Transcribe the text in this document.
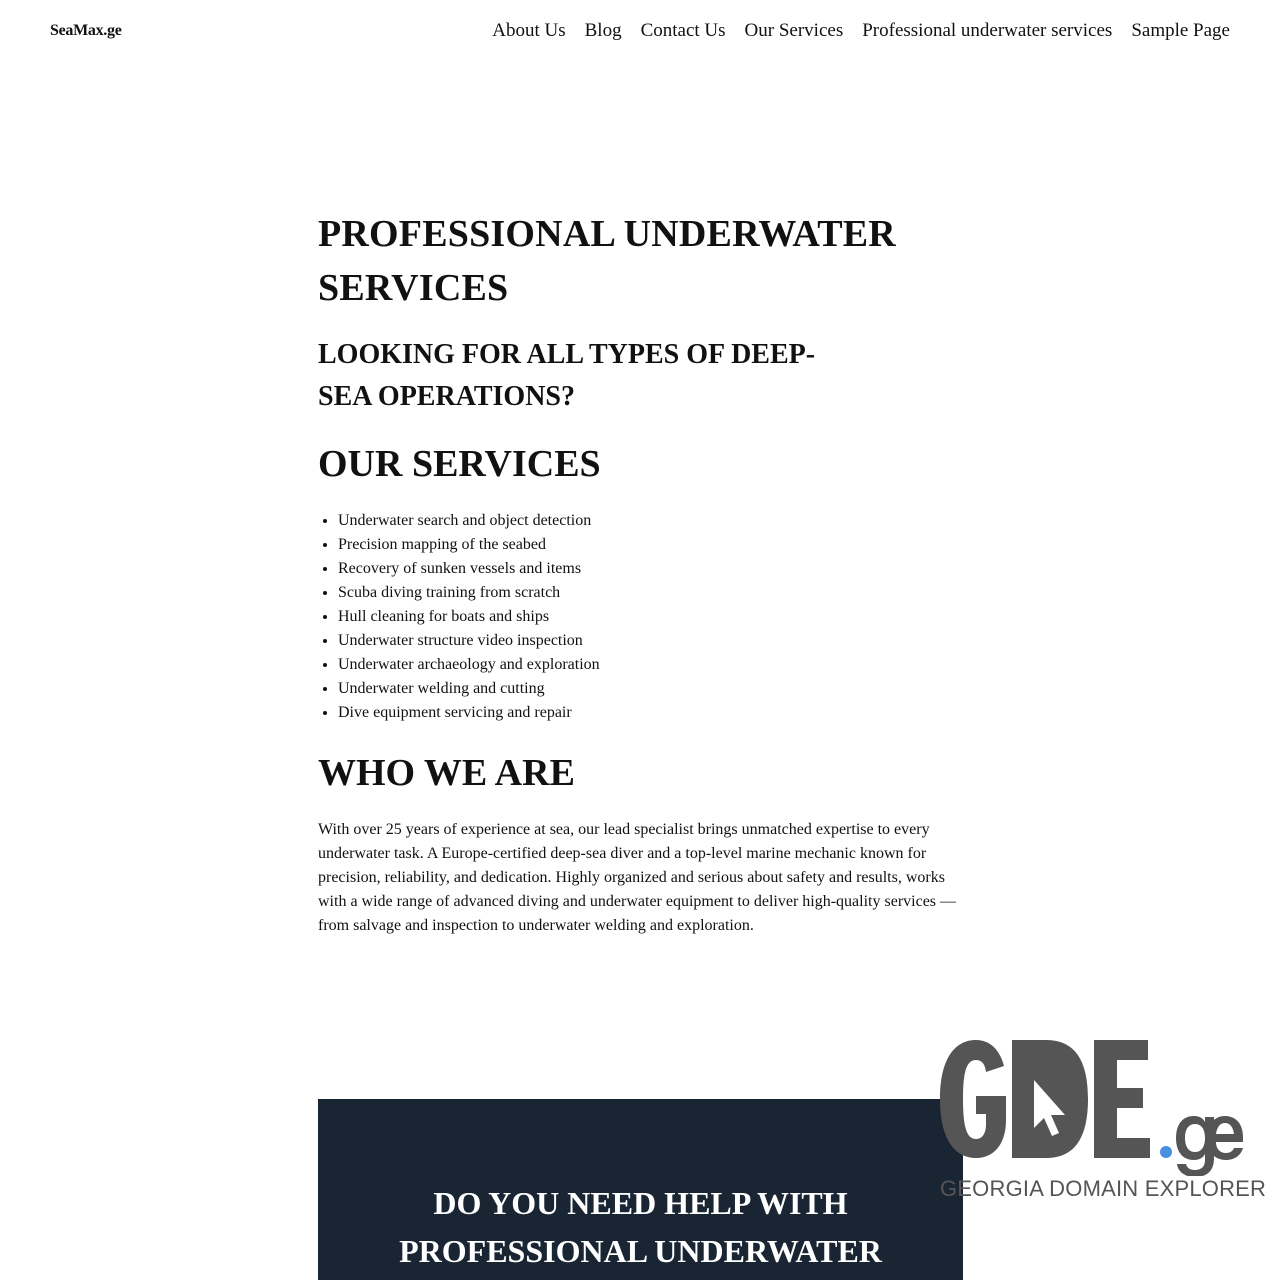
SeaMax.ge	About Us Blog Contact Us Our Services Professional underwater services Sample Page
PROFESSIONAL UNDERWATER SERVICES
LOOKING FOR ALL TYPES OF DEEP-SEA OPERATIONS?
OUR SERVICES
• Underwater search and object detection
• Precision mapping of the seabed
• Recovery of sunken vessels and items
• Scuba diving training from scratch
• Hull cleaning for boats and ships
• Underwater structure video inspection
• Underwater archaeology and exploration
• Underwater welding and cutting
• Dive equipment servicing and repair
WHO WE ARE

With over 25 years of experience at sea, our lead specialist brings unmatched expertise to every underwater task. A Europe-certified deep-sea diver and a top-level marine mechanic known for precision, reliability, and dedication. Highly organized and serious about safety and results, works with a wide range of advanced diving and underwater equipment to deliver high-quality services — from salvage and inspection to underwater welding and exploration.

DO YOU NEED HELP WITH PROFESSIONAL UNDERWATER
GEORGIA DOMAIN EXPLORER
